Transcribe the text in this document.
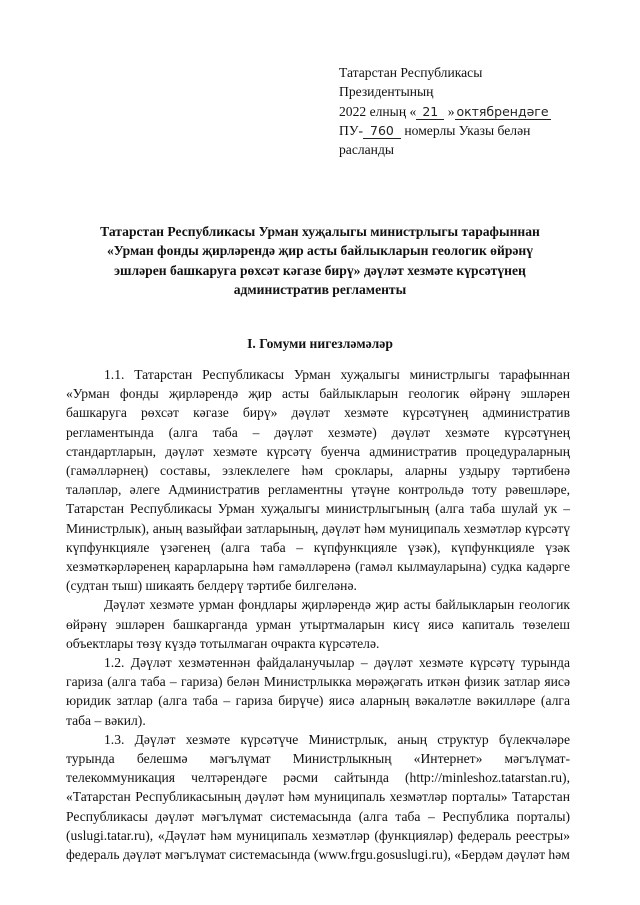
Татарстан Республикасы
Президентының
2022 елның « 21 » октябрендәге
ПУ- 760 номерлы Указы белән
расланды
Татарстан Республикасы Урман хуҗалыгы министрлыгы тарафыннан
«Урман фонды җирләрендә җир асты байлыкларын геологик өйрәнү
эшләрен башкаруга рөхсәт кәгазе бирү» дәүләт хезмәте күрсәтүнең
административ регламенты
I. Гомуми нигезләмәләр

1.1. Татарстан Республикасы Урман хуҗалыгы министрлыгы тарафыннан «Урман фонды җирләрендә җир асты байлыкларын геологик өйрәнү эшләрен башкаруга рөхсәт кәгазе бирү» дәүләт хезмәте күрсәтүнең административ регламентында (алга таба – дәүләт хезмәте) дәүләт хезмәте күрсәтүнең стандартларын, дәүләт хезмәте күрсәтү буенча административ процедураларның (гамәлләрнең) составы, эзлеклелеге һәм сроклары, аларны уздыру тәртибенә таләпләр, әлеге Административ регламентны үтәүне контрольдә тоту рәвешләре, Татарстан Республикасы Урман хуҗалыгы министрлыгының (алга таба шулай ук – Министрлык), аның вазыйфаи затларының, дәүләт һәм муниципаль хезмәтләр күрсәтү күпфункцияле үзәгенең (алга таба – күпфункцияле үзәк), күпфункцияле үзәк хезмәткәрләренең карарларына һәм гамәлләренә (гамәл кылмауларына) судка кадәрге (судтан тыш) шикаять белдерү тәртибе билгеләнә.

Дәүләт хезмәте урман фондлары җирләрендә җир асты байлыкларын геологик өйрәнү эшләрен башкарганда урман утыртмаларын кисү яисә капиталь төзелеш объектлары төзү күздә тотылмаган очракта күрсәтелә.

1.2. Дәүләт хезмәтеннән файдаланучылар – дәүләт хезмәте күрсәтү турында гариза (алга таба – гариза) белән Министрлыкка мөрәҗәгать иткән физик затлар яисә юридик затлар (алга таба – гариза бирүче) яисә аларның вәкаләтле вәкилләре (алга таба – вәкил).

1.3. Дәүләт хезмәте күрсәтүче Министрлык, аның структур бүлекчәләре турында белешмә мәгълүмат Министрлыкның «Интернет» мәгълүмат-телекоммуникация челтәрендәге рәсми сайтында (http://minleshoz.tatarstan.ru), «Татарстан Республикасының дәүләт һәм муниципаль хезмәтләр порталы» Татарстан Республикасы дәүләт мәгълүмат системасында (алга таба – Республика порталы) (uslugi.tatar.ru), «Дәүләт һәм муниципаль хезмәтләр (функцияләр) федераль реестры» федераль дәүләт мәгълүмат системасында (www.frgu.gosuslugi.ru), «Бердәм дәүләт һәм
